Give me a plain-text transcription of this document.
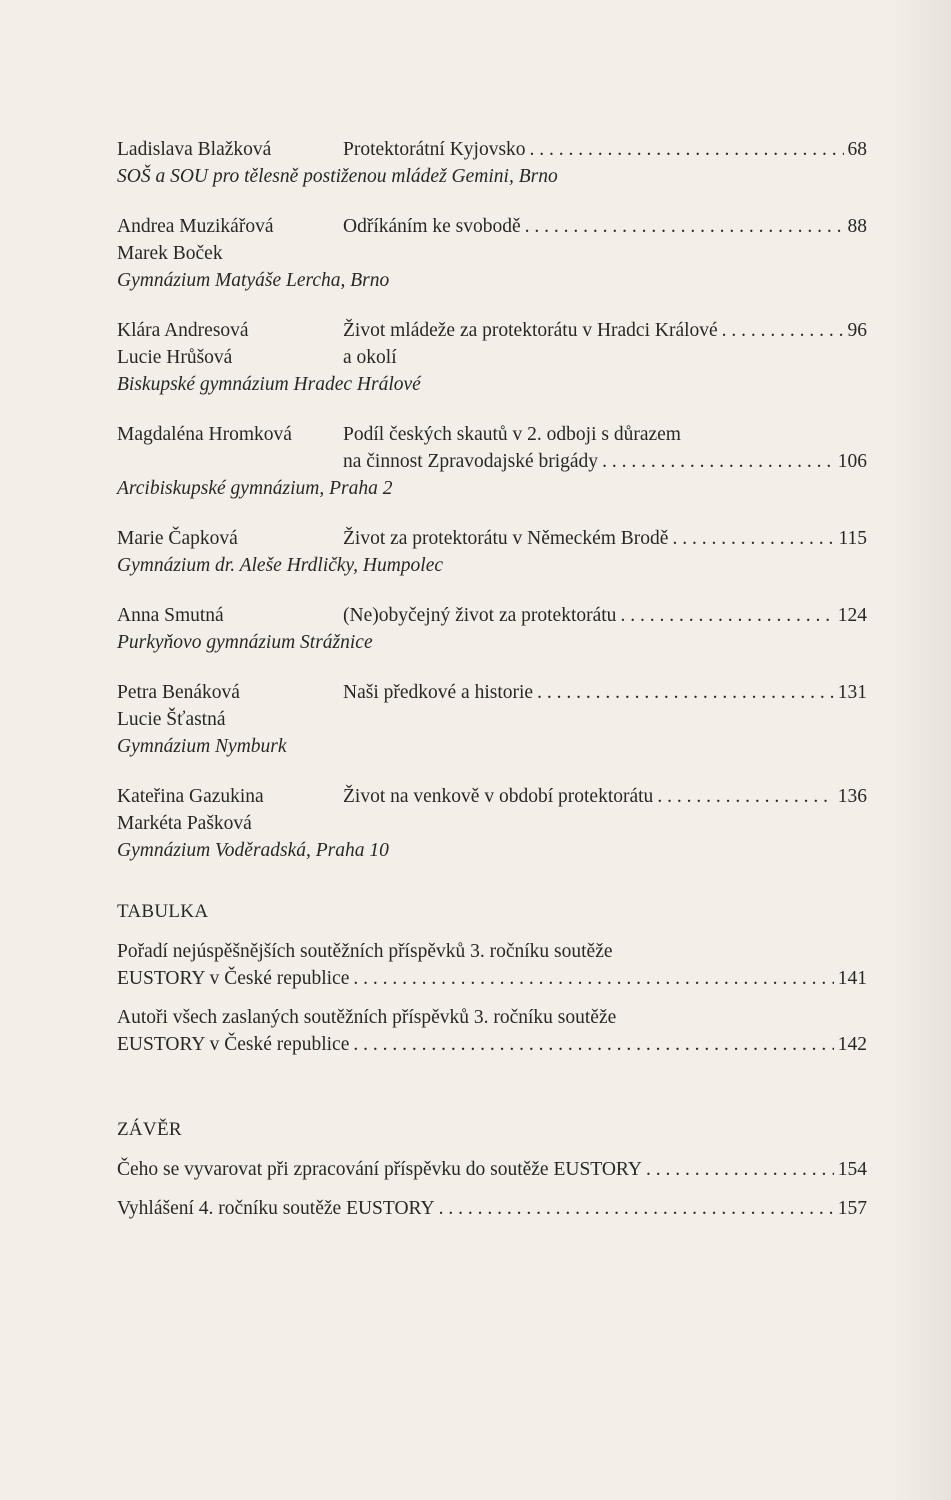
Ladislava Blažková	Protektorátní Kyjovsko . . .	68
SOŠ a SOU pro tělesně postiženou mládež Gemini, Brno
Andrea Muzikářová	Odříkáním ke svobodě . . .	88
Marek Boček
Gymnázium Matyáše Lercha, Brno
Klára Andresová	Život mládeže za protektorátu v Hradci Králové . . .	96
Lucie Hrůšová	a okolí
Biskupské gymnázium Hradec Hrálové
Magdaléna Hromková	Podíl českých skautů v 2. odboji s důrazem
na činnost Zpravodajské brigády . . .	106
Arcibiskupské gymnázium, Praha 2
Marie Čapková	Život za protektorátu v Německém Brodě . . .	115
Gymnázium dr. Aleše Hrdličky, Humpolec
Anna Smutná	(Ne)obyčejný život za protektorátu . . .	124
Purkyňovo gymnázium Strážnice
Petra Benáková	Naši předkové a historie . . .	131
Lucie Šťastná
Gymnázium Nymburk
Kateřina Gazukina	Život na venkově v období protektorátu . . .	136
Markéta Pašková
Gymnázium Voděradská, Praha 10
TABULKA
Pořadí nejúspěšnějších soutěžních příspěvků 3. ročníku soutěže
EUSTORY v České republice . . .	141
Autoři všech zaslaných soutěžních příspěvků 3. ročníku soutěže
EUSTORY v České republice . . .	142
ZÁVĚR
Čeho se vyvarovat při zpracování příspěvku do soutěže EUSTORY . . .	154
Vyhlášení 4. ročníku soutěže EUSTORY . . .	157
